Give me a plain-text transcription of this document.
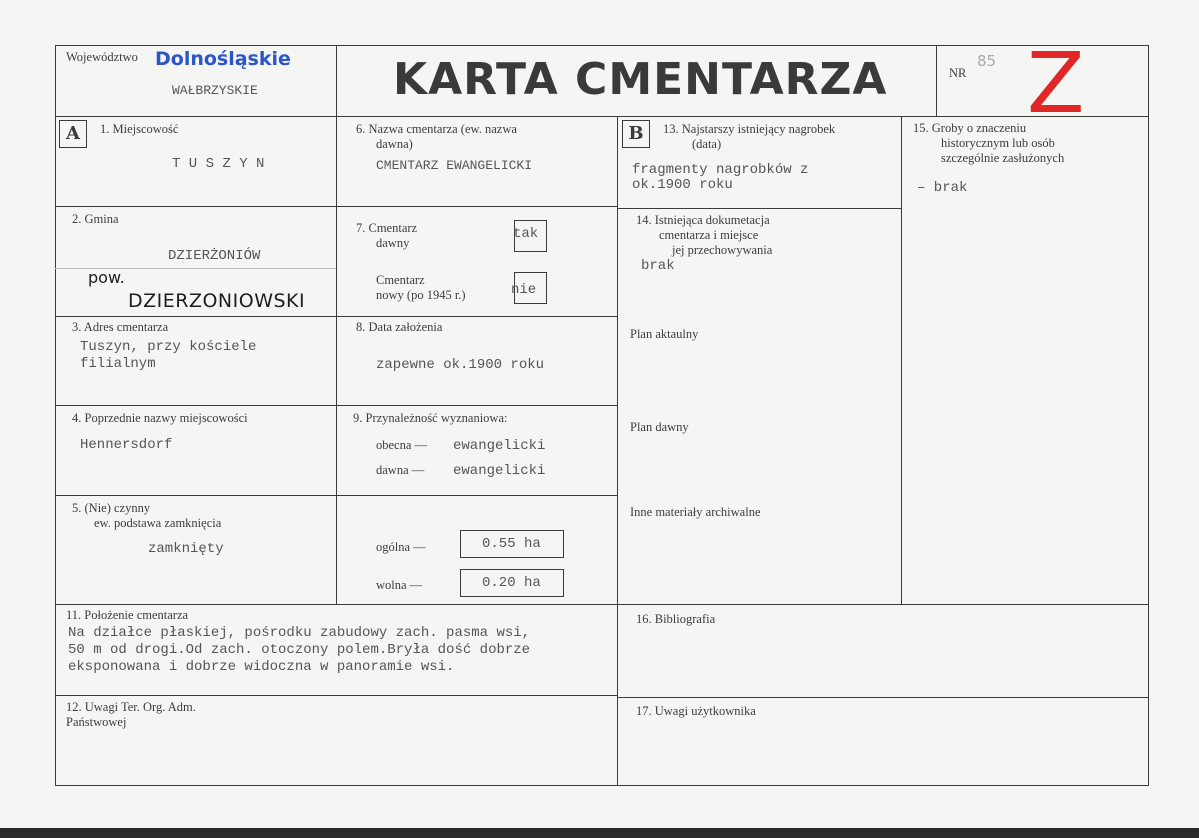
Województwo Dolnośląskie
WAŁBRZYSKIE	KARTA CMENTARZA	NR
85 Z
A	B
1. Miejscowość
T U S Z Y N
2. Gmina
DZIERŻONIÓW
pow.
DZIERZONIOWSKI
3. Adres cmentarza
Tuszyn, przy kościele
filialnym
4. Poprzednie nazwy miejscowości
Hennersdorf
5. (Nie) czynny
ew. podstawa zamknięcia
zamknięty
6. Nazwa cmentarza (ew. nazwa
dawna)
CMENTARZ EWANGELICKI
7. Cmentarz
dawny
tak
Cmentarz
nowy (po 1945 r.)	nie
8. Data założenia
zapewne ok.1900 roku
9. Przynależność wyznaniowa:
obecna — ewangelicki
dawna — ewangelicki
ogólna —	0.55 ha
wolna —	0.20 ha
13. Najstarszy istniejący nagrobek
(data)
fragmenty nagrobków z
ok.1900 roku
14. Istniejąca dokumetacja
cmentarza i miejsce
jej przechowywania
brak
Plan aktaulny
Plan dawny
Inne materiały archiwalne
15. Groby o znaczeniu
historycznym lub osób
szczególnie zasłużonych
– brak
11. Położenie cmentarza
Na działce płaskiej, pośrodku zabudowy zach. pasma wsi,
50 m od drogi.Od zach. otoczony polem.Bryła dość dobrze
eksponowana i dobrze widoczna w panoramie wsi.
12. Uwagi Ter. Org. Adm.
Państwowej
16. Bibliografia
17. Uwagi użytkownika
